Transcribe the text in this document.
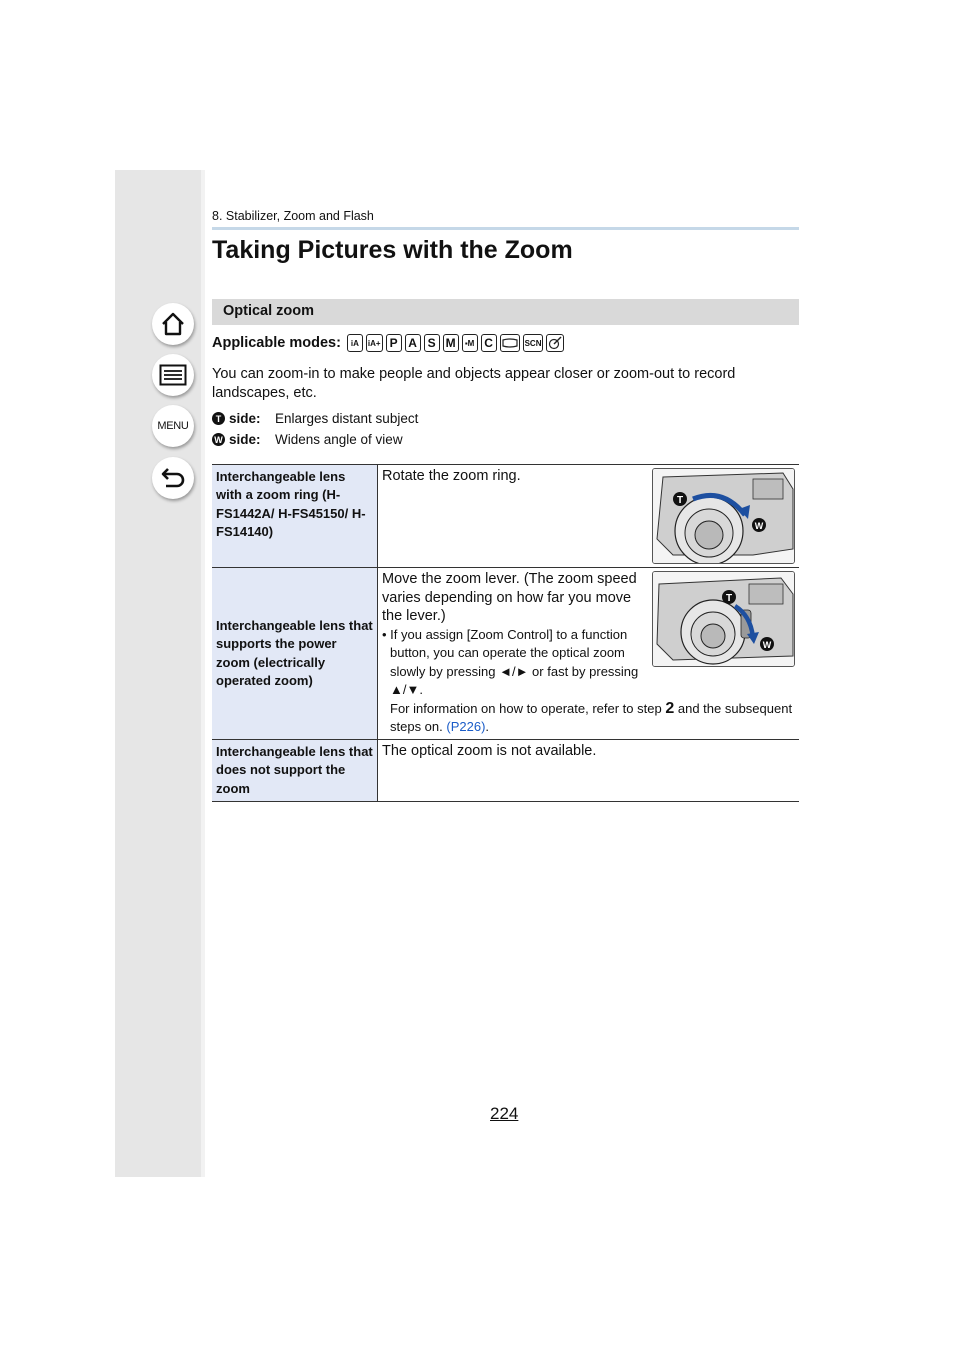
MENU
8. Stabilizer, Zoom and Flash
Taking Pictures with the Zoom
Optical zoom
Applicable modes:	iA	iA+ P A S M	▪M C	SCN

You can zoom-in to make people and objects appear closer or zoom-out to record landscapes, etc.

T side:	Enlarges distant subject
W side:	Widens angle of view
Interchangeable lens with a zoom ring (H-FS1442A/ H-FS45150/ H-FS14140)	Rotate the zoom ring.
T
W

Interchangeable lens that supports the power zoom (electrically operated zoom)	Move the zoom lever. (The zoom speed varies depending on how far you move the lever.)
• If you assign [Zoom Control] to a function button, you can operate the optical zoom slowly by pressing ◄/► or fast by pressing ▲/▼.
For information on how to operate, refer to step 2 and the subsequent steps on. (P226).
T
W

Interchangeable lens that does not support the zoom	The optical zoom is not available.
224
